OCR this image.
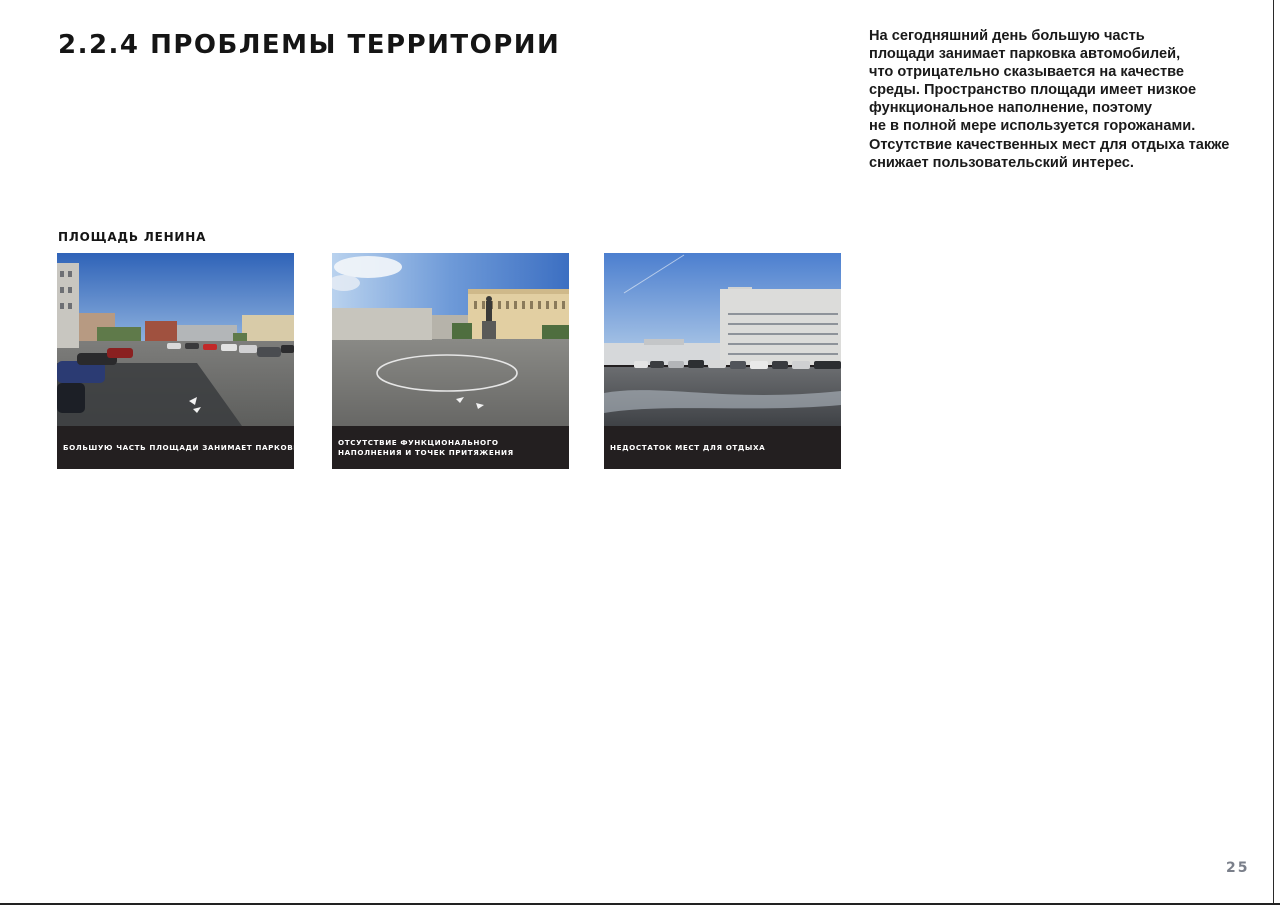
2.2.4 ПРОБЛЕМЫ ТЕРРИТОРИИ	На сегодняшний день большую часть
площади занимает парковка автомобилей,
что отрицательно сказывается на качестве
среды. Пространство площади имеет низкое
функциональное наполнение, поэтому
не в полной мере используется горожанами.
Отсутствие качественных мест для отдыха также
снижает пользовательский интерес.

ПЛОЩАДЬ ЛЕНИНА
БОЛЬШУЮ ЧАСТЬ ПЛОЩАДИ ЗАНИМАЕТ ПАРКОВКА
ОТСУТСТВИЕ ФУНКЦИОНАЛЬНОГО
НАПОЛНЕНИЯ И ТОЧЕК ПРИТЯЖЕНИЯ
НЕДОСТАТОК МЕСТ ДЛЯ ОТДЫХА

25
